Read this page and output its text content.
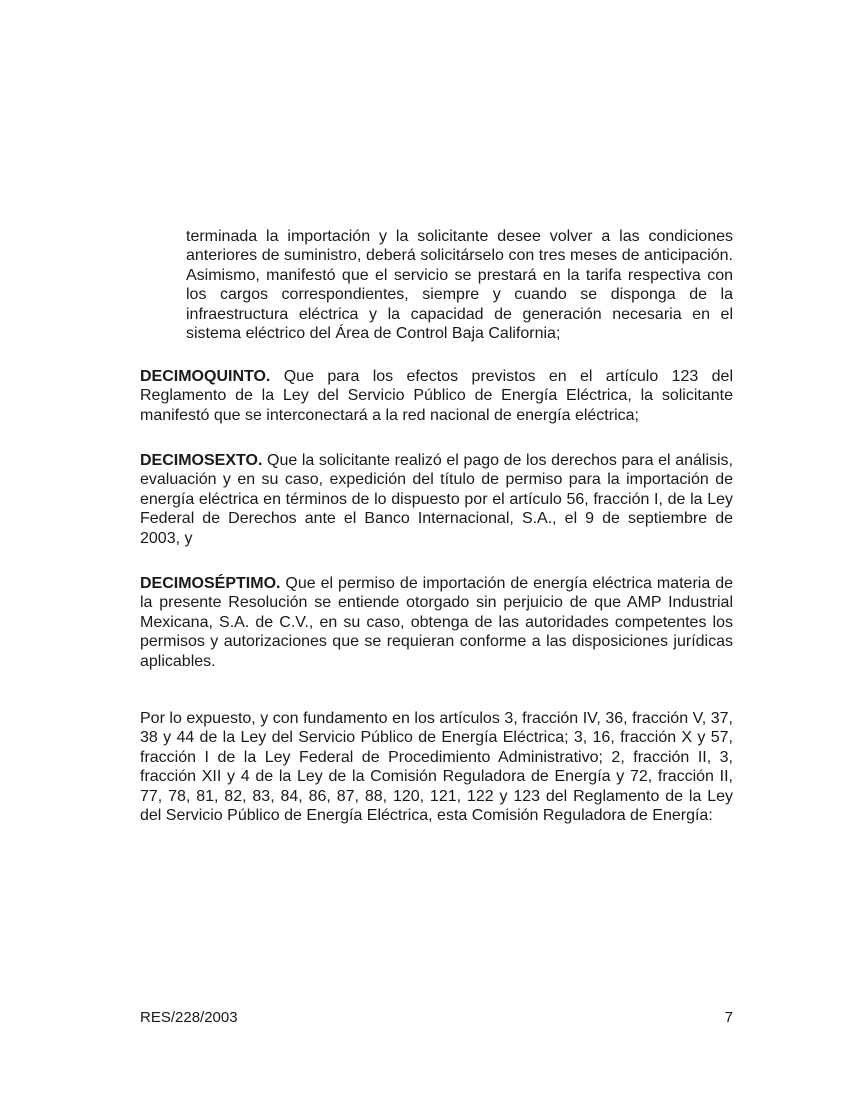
terminada la importación y la solicitante desee volver a las condiciones anteriores de suministro, deberá solicitárselo con tres meses de anticipación. Asimismo, manifestó que el servicio se prestará en la tarifa respectiva con los cargos correspondientes, siempre y cuando se disponga de la infraestructura eléctrica y la capacidad de generación necesaria en el sistema eléctrico del Área de Control Baja California;

DECIMOQUINTO. Que para los efectos previstos en el artículo 123 del Reglamento de la Ley del Servicio Público de Energía Eléctrica, la solicitante manifestó que se interconectará a la red nacional de energía eléctrica;

DECIMOSEXTO. Que la solicitante realizó el pago de los derechos para el análisis, evaluación y en su caso, expedición del título de permiso para la importación de energía eléctrica en términos de lo dispuesto por el artículo 56, fracción I, de la Ley Federal de Derechos ante el Banco Internacional, S.A., el 9 de septiembre de 2003, y

DECIMOSÉPTIMO. Que el permiso de importación de energía eléctrica materia de la presente Resolución se entiende otorgado sin perjuicio de que AMP Industrial Mexicana, S.A. de C.V., en su caso, obtenga de las autoridades competentes los permisos y autorizaciones que se requieran conforme a las disposiciones jurídicas aplicables.

Por lo expuesto, y con fundamento en los artículos 3, fracción IV, 36, fracción V, 37, 38 y 44 de la Ley del Servicio Público de Energía Eléctrica; 3, 16, fracción X y 57, fracción I de la Ley Federal de Procedimiento Administrativo; 2, fracción II, 3, fracción XII y 4 de la Ley de la Comisión Reguladora de Energía y 72, fracción II, 77, 78, 81, 82, 83, 84, 86, 87, 88, 120, 121, 122 y 123 del Reglamento de la Ley del Servicio Público de Energía Eléctrica, esta Comisión Reguladora de Energía:

RES/228/2003	7
